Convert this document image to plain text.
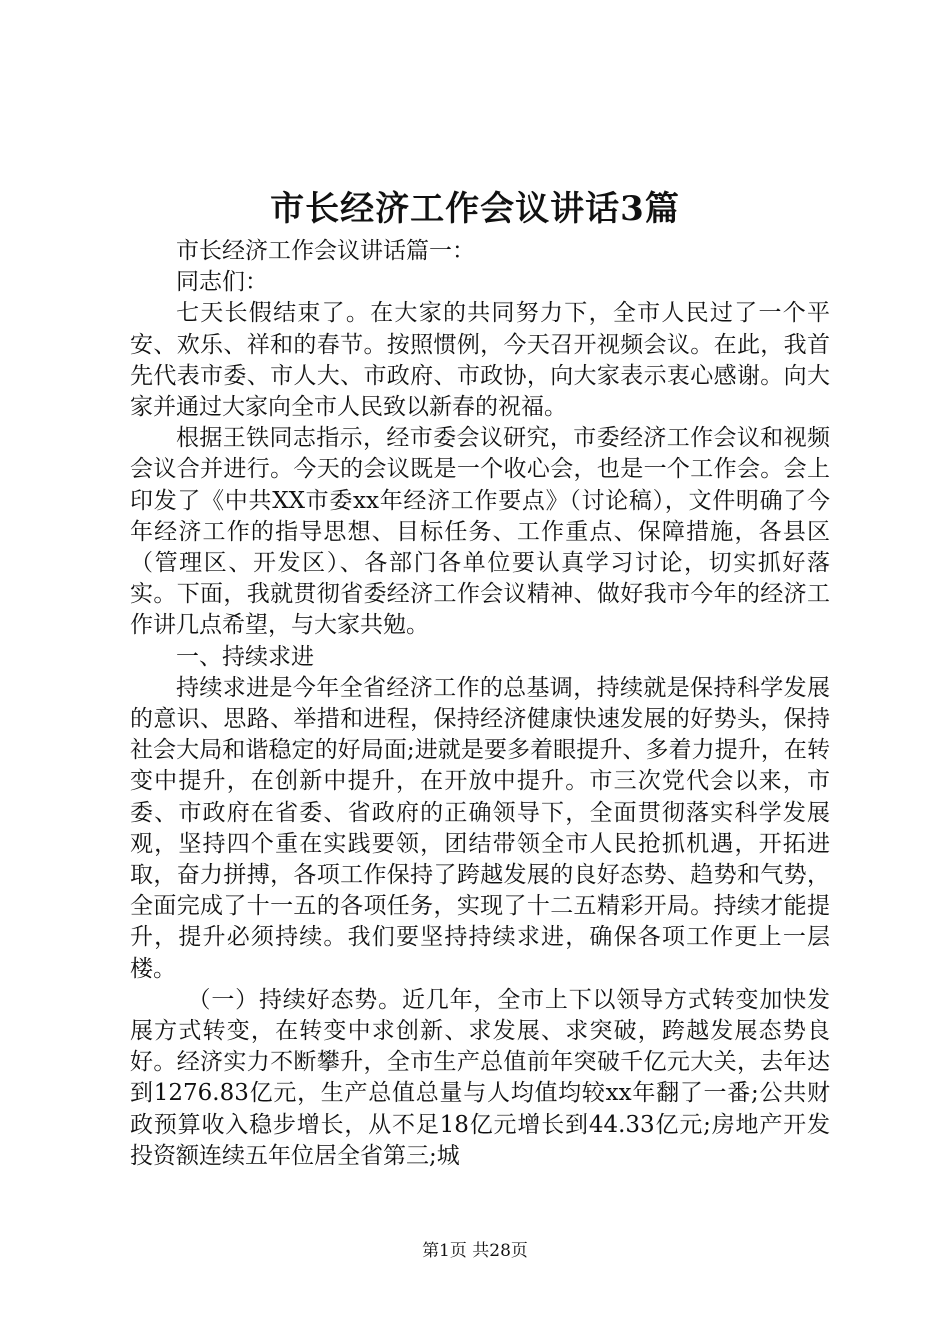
市长经济工作会议讲话3篇

市长经济工作会议讲话篇一：

同志们：

七天长假结束了。在大家的共同努力下，全市人民过了一个平安、欢乐、祥和的春节。按照惯例，今天召开视频会议。在此，我首先代表市委、市人大、市政府、市政协，向大家表示衷心感谢。向大家并通过大家向全市人民致以新春的祝福。

根据王铁同志指示，经市委会议研究，市委经济工作会议和视频会议合并进行。今天的会议既是一个收心会，也是一个工作会。会上印发了《中共XX市委xx年经济工作要点》（讨论稿），文件明确了今年经济工作的指导思想、目标任务、工作重点、保障措施，各县区（管理区、开发区）、各部门各单位要认真学习讨论，切实抓好落实。下面，我就贯彻省委经济工作会议精神、做好我市今年的经济工作讲几点希望，与大家共勉。

一、持续求进

持续求进是今年全省经济工作的总基调，持续就是保持科学发展的意识、思路、举措和进程，保持经济健康快速发展的好势头，保持社会大局和谐稳定的好局面;进就是要多着眼提升、多着力提升，在转变中提升，在创新中提升，在开放中提升。市三次党代会以来，市委、市政府在省委、省政府的正确领导下，全面贯彻落实科学发展观，坚持四个重在实践要领，团结带领全市人民抢抓机遇，开拓进取，奋力拼搏，各项工作保持了跨越发展的良好态势、趋势和气势，全面完成了十一五的各项任务，实现了十二五精彩开局。持续才能提升，提升必须持续。我们要坚持持续求进，确保各项工作更上一层楼。

（一）持续好态势。近几年，全市上下以领导方式转变加快发展方式转变，在转变中求创新、求发展、求突破，跨越发展态势良好。经济实力不断攀升，全市生产总值前年突破千亿元大关，去年达到1276.83亿元，生产总值总量与人均值均较xx年翻了一番;公共财政预算收入稳步增长，从不足18亿元增长到44.33亿元;房地产开发投资额连续五年位居全省第三;城

第1页 共28页
